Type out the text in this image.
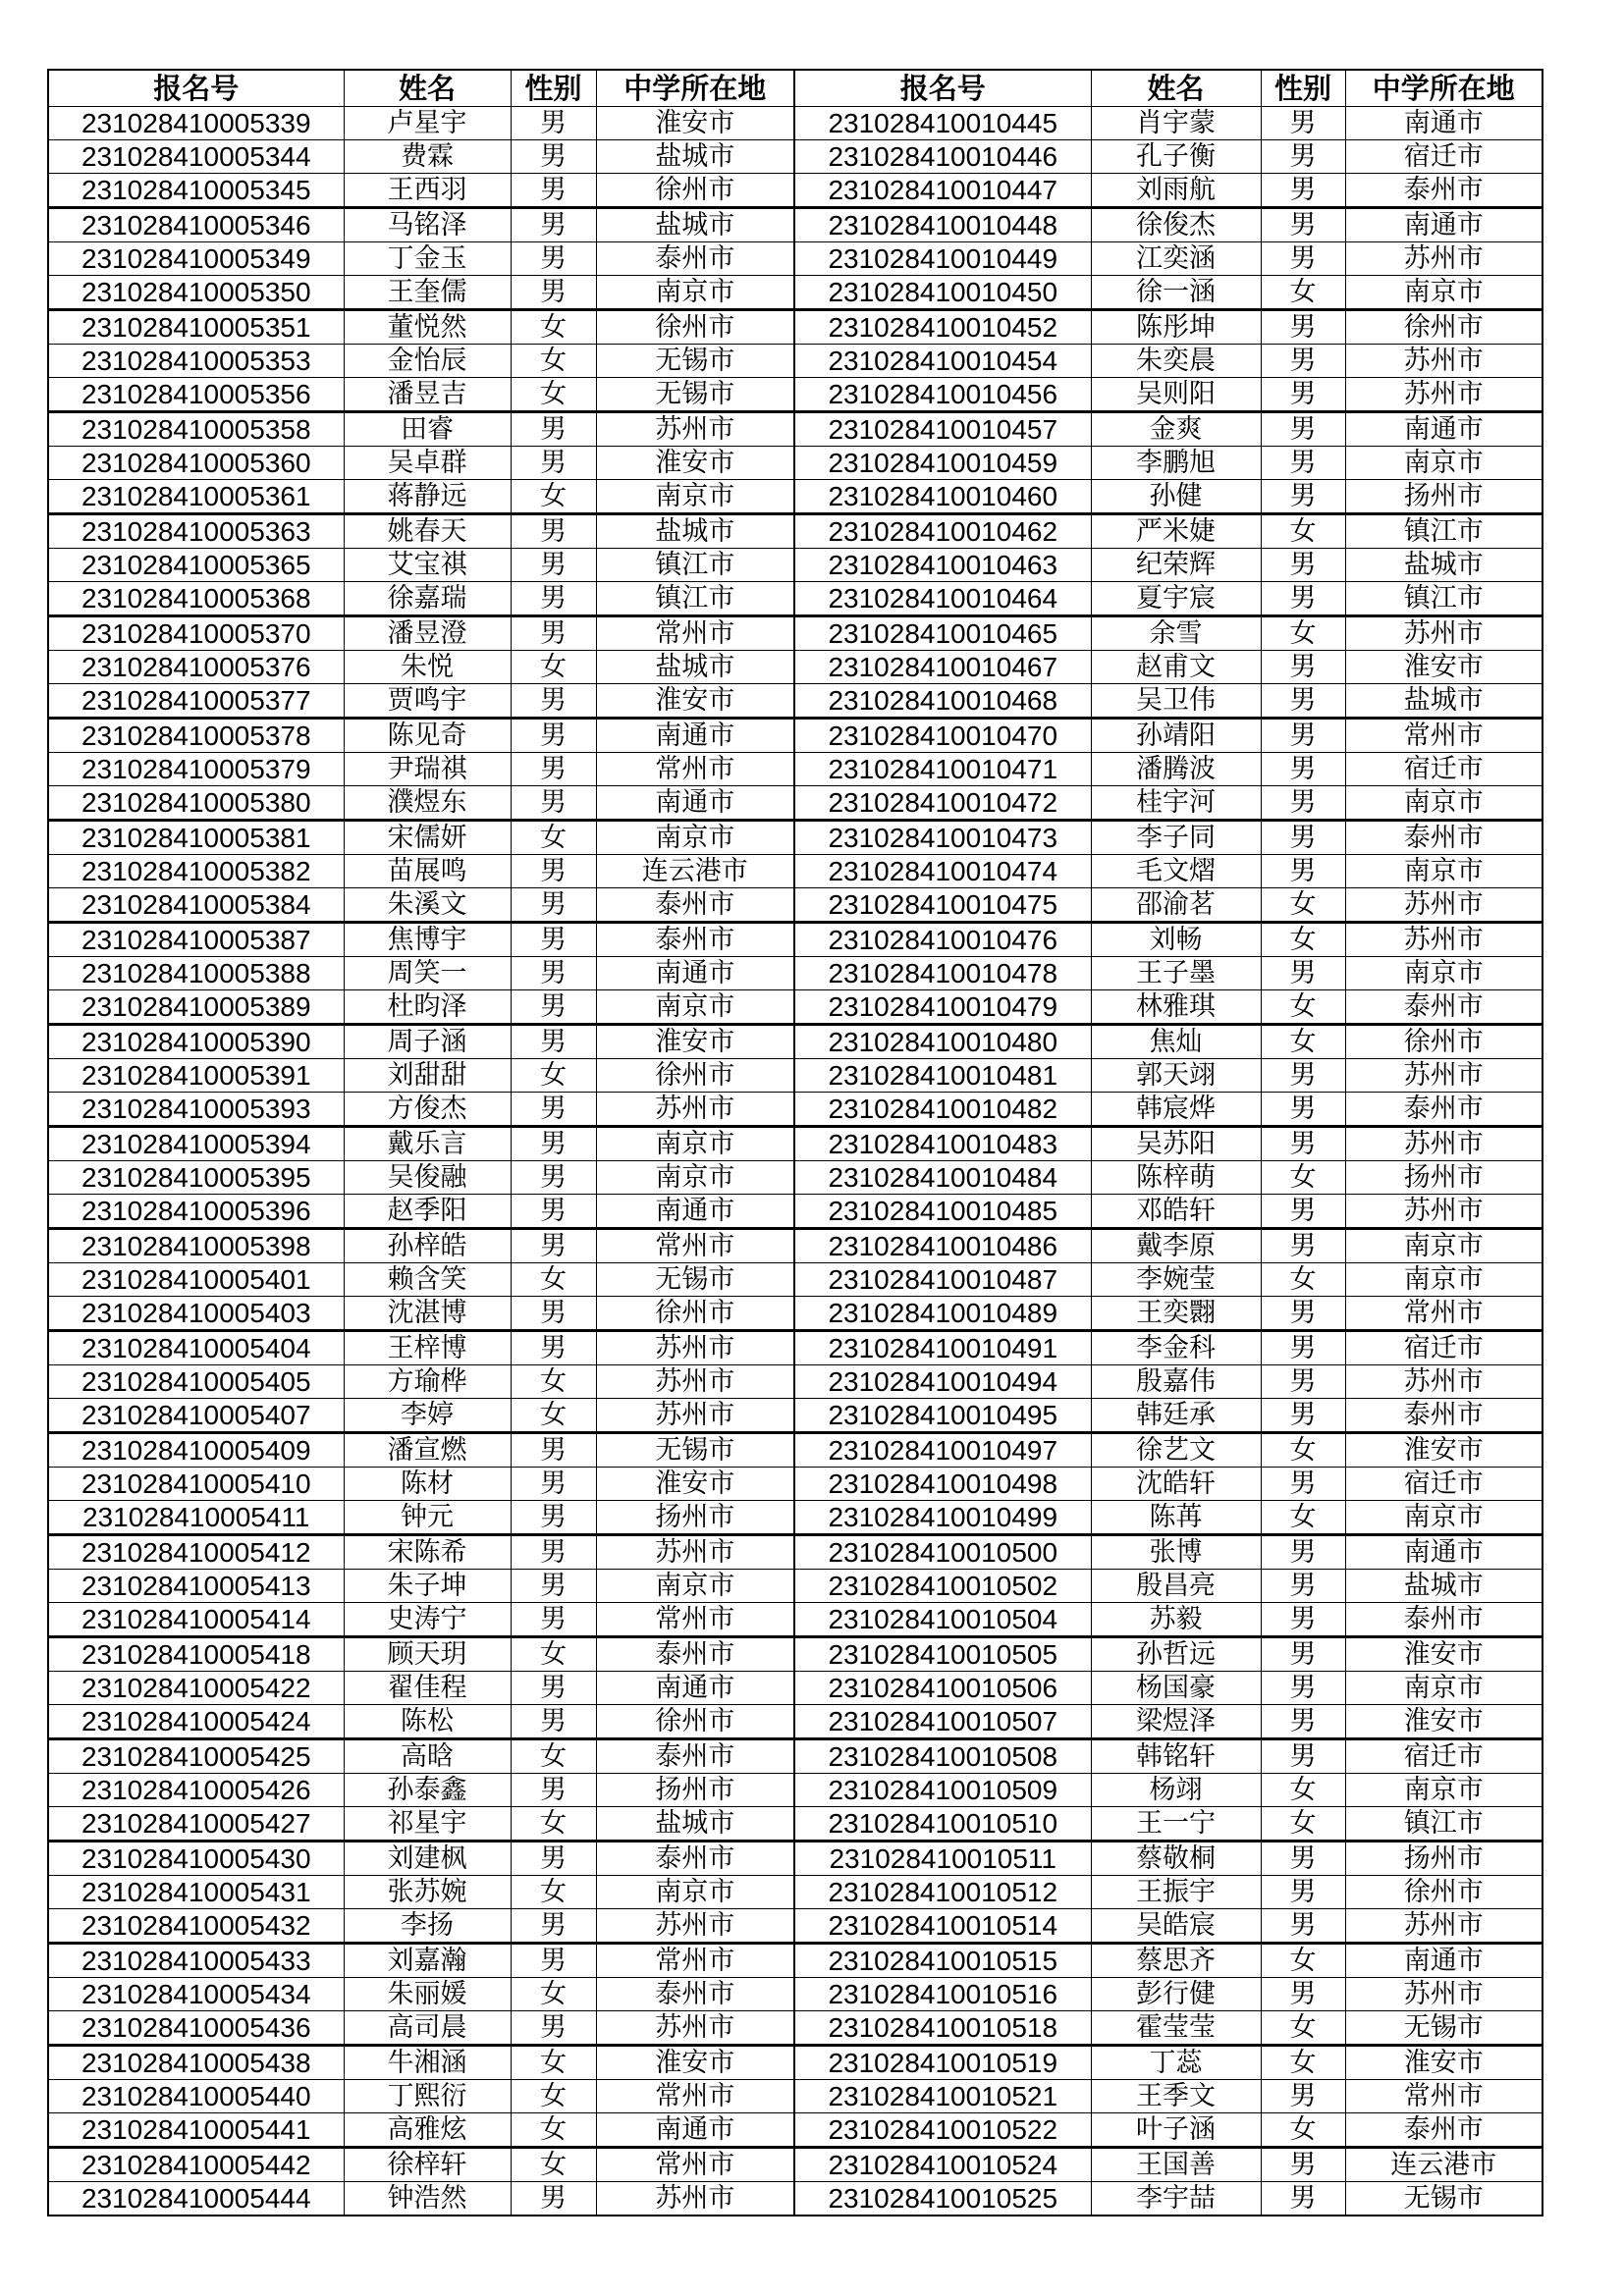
报名号	姓名	性别	中学所在地	报名号	姓名	性别	中学所在地
231028410005339	卢星宇	男	淮安市	231028410010445	肖宇蒙	男	南通市
231028410005344	费霖	男	盐城市	231028410010446	孔子衡	男	宿迁市
231028410005345	王西羽	男	徐州市	231028410010447	刘雨航	男	泰州市
231028410005346	马铭泽	男	盐城市	231028410010448	徐俊杰	男	南通市
231028410005349	丁金玉	男	泰州市	231028410010449	江奕涵	男	苏州市
231028410005350	王奎儒	男	南京市	231028410010450	徐一涵	女	南京市
231028410005351	董悦然	女	徐州市	231028410010452	陈彤坤	男	徐州市
231028410005353	金怡辰	女	无锡市	231028410010454	朱奕晨	男	苏州市
231028410005356	潘昱吉	女	无锡市	231028410010456	吴则阳	男	苏州市
231028410005358	田睿	男	苏州市	231028410010457	金爽	男	南通市
231028410005360	吴卓群	男	淮安市	231028410010459	李鹏旭	男	南京市
231028410005361	蒋静远	女	南京市	231028410010460	孙健	男	扬州市
231028410005363	姚春天	男	盐城市	231028410010462	严米婕	女	镇江市
231028410005365	艾宝祺	男	镇江市	231028410010463	纪荣辉	男	盐城市
231028410005368	徐嘉瑞	男	镇江市	231028410010464	夏宇宸	男	镇江市
231028410005370	潘昱澄	男	常州市	231028410010465	余雪	女	苏州市
231028410005376	朱悦	女	盐城市	231028410010467	赵甫文	男	淮安市
231028410005377	贾鸣宇	男	淮安市	231028410010468	吴卫伟	男	盐城市
231028410005378	陈见奇	男	南通市	231028410010470	孙靖阳	男	常州市
231028410005379	尹瑞祺	男	常州市	231028410010471	潘腾波	男	宿迁市
231028410005380	濮煜东	男	南通市	231028410010472	桂宇河	男	南京市
231028410005381	宋儒妍	女	南京市	231028410010473	李子同	男	泰州市
231028410005382	苗展鸣	男	连云港市	231028410010474	毛文熠	男	南京市
231028410005384	朱溪文	男	泰州市	231028410010475	邵渝茗	女	苏州市
231028410005387	焦博宇	男	泰州市	231028410010476	刘畅	女	苏州市
231028410005388	周笑一	男	南通市	231028410010478	王子墨	男	南京市
231028410005389	杜昀泽	男	南京市	231028410010479	林雅琪	女	泰州市
231028410005390	周子涵	男	淮安市	231028410010480	焦灿	女	徐州市
231028410005391	刘甜甜	女	徐州市	231028410010481	郭天翊	男	苏州市
231028410005393	方俊杰	男	苏州市	231028410010482	韩宸烨	男	泰州市
231028410005394	戴乐言	男	南京市	231028410010483	吴苏阳	男	苏州市
231028410005395	吴俊融	男	南京市	231028410010484	陈梓萌	女	扬州市
231028410005396	赵季阳	男	南通市	231028410010485	邓皓轩	男	苏州市
231028410005398	孙梓皓	男	常州市	231028410010486	戴李原	男	南京市
231028410005401	赖含笑	女	无锡市	231028410010487	李婉莹	女	南京市
231028410005403	沈湛博	男	徐州市	231028410010489	王奕翾	男	常州市
231028410005404	王梓博	男	苏州市	231028410010491	李金科	男	宿迁市
231028410005405	方瑜桦	女	苏州市	231028410010494	殷嘉伟	男	苏州市
231028410005407	李婷	女	苏州市	231028410010495	韩廷承	男	泰州市
231028410005409	潘宣燃	男	无锡市	231028410010497	徐艺文	女	淮安市
231028410005410	陈材	男	淮安市	231028410010498	沈皓轩	男	宿迁市
231028410005411	钟元	男	扬州市	231028410010499	陈苒	女	南京市
231028410005412	宋陈希	男	苏州市	231028410010500	张博	男	南通市
231028410005413	朱子坤	男	南京市	231028410010502	殷昌亮	男	盐城市
231028410005414	史涛宁	男	常州市	231028410010504	苏毅	男	泰州市
231028410005418	顾天玥	女	泰州市	231028410010505	孙哲远	男	淮安市
231028410005422	翟佳程	男	南通市	231028410010506	杨国豪	男	南京市
231028410005424	陈松	男	徐州市	231028410010507	梁煜泽	男	淮安市
231028410005425	高晗	女	泰州市	231028410010508	韩铭轩	男	宿迁市
231028410005426	孙泰鑫	男	扬州市	231028410010509	杨翊	女	南京市
231028410005427	祁星宇	女	盐城市	231028410010510	王一宁	女	镇江市
231028410005430	刘建枫	男	泰州市	231028410010511	蔡敬桐	男	扬州市
231028410005431	张苏婉	女	南京市	231028410010512	王振宇	男	徐州市
231028410005432	李扬	男	苏州市	231028410010514	吴皓宸	男	苏州市
231028410005433	刘嘉瀚	男	常州市	231028410010515	蔡思齐	女	南通市
231028410005434	朱丽媛	女	泰州市	231028410010516	彭行健	男	苏州市
231028410005436	高司晨	男	苏州市	231028410010518	霍莹莹	女	无锡市
231028410005438	牛湘涵	女	淮安市	231028410010519	丁蕊	女	淮安市
231028410005440	丁熙衍	女	常州市	231028410010521	王季文	男	常州市
231028410005441	高雅炫	女	南通市	231028410010522	叶子涵	女	泰州市
231028410005442	徐梓轩	女	常州市	231028410010524	王国善	男	连云港市
231028410005444	钟浩然	男	苏州市	231028410010525	李宇喆	男	无锡市
